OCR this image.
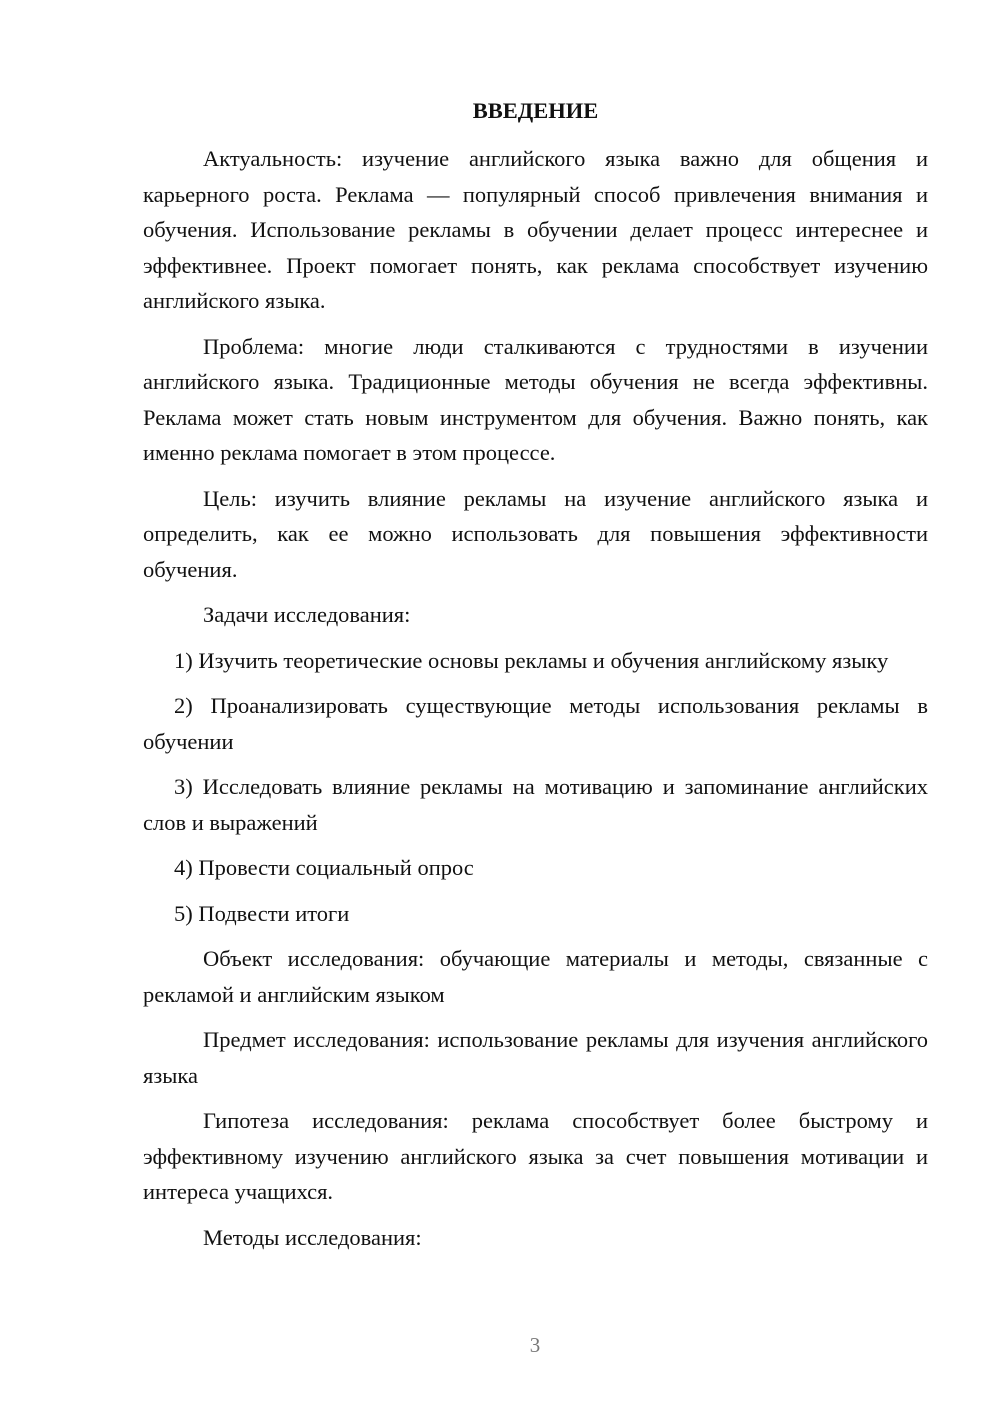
ВВЕДЕНИЕ

Актуальность: изучение английского языка важно для общения и карьерного роста. Реклама — популярный способ привлечения внимания и обучения. Использование рекламы в обучении делает процесс интереснее и эффективнее. Проект помогает понять, как реклама способствует изучению английского языка.

Проблема: многие люди сталкиваются с трудностями в изучении английского языка. Традиционные методы обучения не всегда эффективны. Реклама может стать новым инструментом для обучения. Важно понять, как именно реклама помогает в этом процессе.

Цель: изучить влияние рекламы на изучение английского языка и определить, как ее можно использовать для повышения эффективности обучения.

Задачи исследования:

1) Изучить теоретические основы рекламы и обучения английскому языку

2) Проанализировать существующие методы использования рекламы в обучении

3) Исследовать влияние рекламы на мотивацию и запоминание английских слов и выражений

4) Провести социальный опрос

5) Подвести итоги

Объект исследования: обучающие материалы и методы, связанные с рекламой и английским языком

Предмет исследования: использование рекламы для изучения английского языка

Гипотеза исследования: реклама способствует более быстрому и эффективному изучению английского языка за счет повышения мотивации и интереса учащихся.

Методы исследования:

3
